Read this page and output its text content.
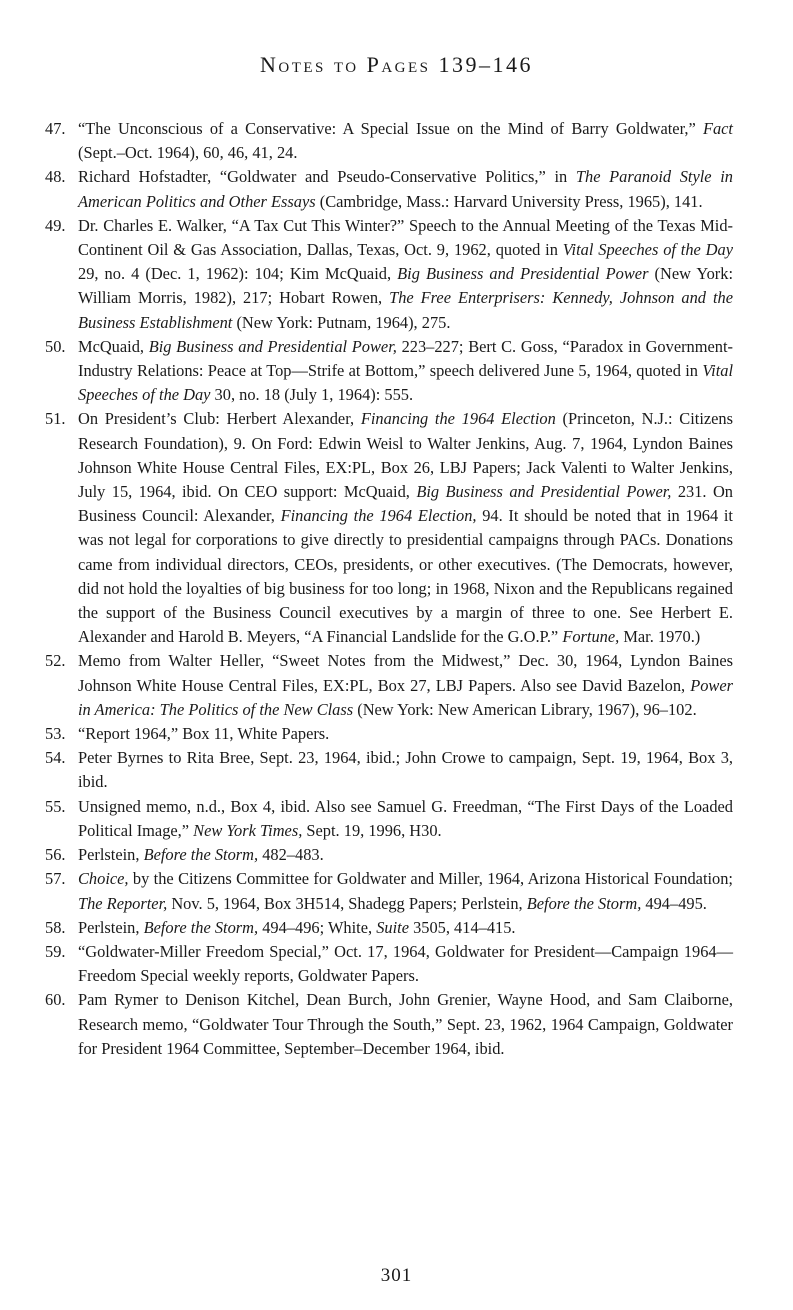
Notes to Pages 139–146
47. “The Unconscious of a Conservative: A Special Issue on the Mind of Barry Goldwater,” Fact (Sept.–Oct. 1964), 60, 46, 41, 24.
48. Richard Hofstadter, “Goldwater and Pseudo-Conservative Politics,” in The Paranoid Style in American Politics and Other Essays (Cambridge, Mass.: Harvard University Press, 1965), 141.
49. Dr. Charles E. Walker, “A Tax Cut This Winter?” Speech to the Annual Meeting of the Texas Mid-Continent Oil & Gas Association, Dallas, Texas, Oct. 9, 1962, quoted in Vital Speeches of the Day 29, no. 4 (Dec. 1, 1962): 104; Kim McQuaid, Big Business and Presidential Power (New York: William Morris, 1982), 217; Hobart Rowen, The Free Enterprisers: Kennedy, Johnson and the Business Establishment (New York: Putnam, 1964), 275.
50. McQuaid, Big Business and Presidential Power, 223–227; Bert C. Goss, “Paradox in Government-Industry Relations: Peace at Top—Strife at Bottom,” speech delivered June 5, 1964, quoted in Vital Speeches of the Day 30, no. 18 (July 1, 1964): 555.
51. On President’s Club: Herbert Alexander, Financing the 1964 Election (Princeton, N.J.: Citizens Research Foundation), 9. On Ford: Edwin Weisl to Walter Jenkins, Aug. 7, 1964, Lyndon Baines Johnson White House Central Files, EX:PL, Box 26, LBJ Papers; Jack Valenti to Walter Jenkins, July 15, 1964, ibid. On CEO support: McQuaid, Big Business and Presidential Power, 231. On Business Council: Alexander, Financing the 1964 Election, 94. It should be noted that in 1964 it was not legal for corporations to give directly to presidential campaigns through PACs. Donations came from individual directors, CEOs, presidents, or other executives. (The Democrats, however, did not hold the loyalties of big business for too long; in 1968, Nixon and the Republicans regained the support of the Business Council executives by a margin of three to one. See Herbert E. Alexander and Harold B. Meyers, “A Financial Landslide for the G.O.P.” Fortune, Mar. 1970.)
52. Memo from Walter Heller, “Sweet Notes from the Midwest,” Dec. 30, 1964, Lyndon Baines Johnson White House Central Files, EX:PL, Box 27, LBJ Papers. Also see David Bazelon, Power in America: The Politics of the New Class (New York: New American Library, 1967), 96–102.
53. “Report 1964,” Box 11, White Papers.
54. Peter Byrnes to Rita Bree, Sept. 23, 1964, ibid.; John Crowe to campaign, Sept. 19, 1964, Box 3, ibid.
55. Unsigned memo, n.d., Box 4, ibid. Also see Samuel G. Freedman, “The First Days of the Loaded Political Image,” New York Times, Sept. 19, 1996, H30.
56. Perlstein, Before the Storm, 482–483.
57. Choice, by the Citizens Committee for Goldwater and Miller, 1964, Arizona Historical Foundation; The Reporter, Nov. 5, 1964, Box 3H514, Shadegg Papers; Perlstein, Before the Storm, 494–495.
58. Perlstein, Before the Storm, 494–496; White, Suite 3505, 414–415.
59. “Goldwater-Miller Freedom Special,” Oct. 17, 1964, Goldwater for President—Campaign 1964—Freedom Special weekly reports, Goldwater Papers.
60. Pam Rymer to Denison Kitchel, Dean Burch, John Grenier, Wayne Hood, and Sam Claiborne, Research memo, “Goldwater Tour Through the South,” Sept. 23, 1962, 1964 Campaign, Goldwater for President 1964 Committee, September–December 1964, ibid.
301
